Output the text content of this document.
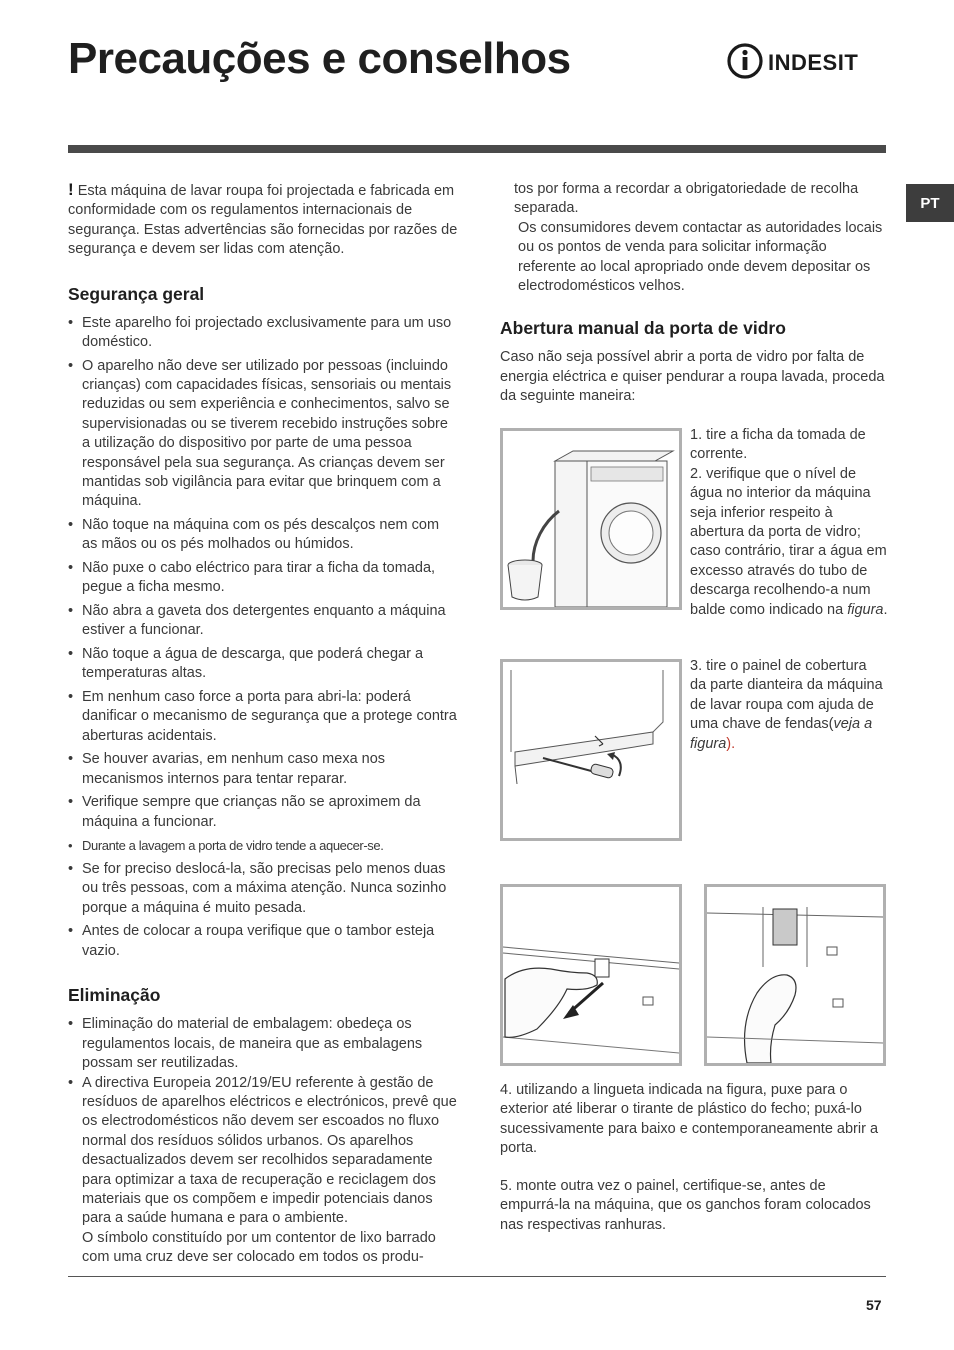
Precauções e conselhos	INDESIT
PT

! Esta máquina de lavar roupa foi projectada e fabricada em conformidade com os regulamentos internacionais de segurança. Estas advertências são fornecidas por razões de segurança e devem ser lidas com atenção.

Segurança geral
• Este aparelho foi projectado exclusivamente para um uso doméstico.
• O aparelho não deve ser utilizado por pessoas (incluindo crianças) com capacidades físicas, sensoriais ou mentais reduzidas ou sem experiência e conhecimentos, salvo se supervisionadas ou se tiverem recebido instruções sobre a utilização do dispositivo por parte de uma pessoa responsável pela sua segurança. As crianças devem ser mantidas sob vigilância para evitar que brinquem com a máquina.
• Não toque na máquina com os pés descalços nem com as mãos ou os pés molhados ou húmidos.
• Não puxe o cabo eléctrico para tirar a ficha da tomada, pegue a ficha mesmo.
• Não abra a gaveta dos detergentes enquanto a máquina estiver a funcionar.
• Não toque a água de descarga, que poderá chegar a temperaturas altas.
• Em nenhum caso force a porta para abri-la: poderá danificar o mecanismo de segurança que a protege contra aberturas acidentais.
• Se houver avarias, em nenhum caso mexa nos mecanismos internos para tentar reparar.
• Verifique sempre que crianças não se aproximem da máquina a funcionar.
• Durante a lavagem a porta de vidro tende a aquecer-se.
• Se for preciso deslocá-la, são precisas pelo menos duas ou três pessoas, com a máxima atenção. Nunca sozinho porque a máquina é muito pesada.
• Antes de colocar a roupa verifique que o tambor esteja vazio.
Eliminação
• Eliminação do material de embalagem: obedeça os regulamentos locais, de maneira que as embalagens possam ser reutilizadas.
• A directiva Europeia 2012/19/EU referente à gestão de resíduos de aparelhos eléctricos e electrónicos, prevê que os electrodomésticos não devem ser escoados no fluxo normal dos resíduos sólidos urbanos. Os aparelhos desactualizados devem ser recolhidos separadamente para optimizar a taxa de recuperação e reciclagem dos materiais que os compõem e impedir potenciais danos para a saúde humana e para o ambiente.
O símbolo constituído por um contentor de lixo barrado com uma cruz deve ser colocado em todos os produ-

tos por forma a recordar a obrigatoriedade de recolha separada.

Os consumidores devem contactar as autoridades locais ou os pontos de venda para solicitar informação referente ao local apropriado onde devem depositar os electrodomésticos velhos.

Abertura manual da porta de vidro

Caso não seja possível abrir a porta de vidro por falta de energia eléctrica e quiser pendurar a roupa lavada, proceda da seguinte maneira:

1. tire a ficha da tomada de corrente.
2. verifique que o nível de água no interior da máquina seja inferior respeito à abertura da porta de vidro; caso contrário, tirar a água em excesso através do tubo de descarga recolhendo-a num balde como indicado na figura.
3. tire o painel de cobertura da parte dianteira da máquina de lavar roupa com ajuda de uma chave de fendas(veja a figura).
4. utilizando a lingueta indicada na figura, puxe para o exterior até liberar o tirante de plástico do fecho; puxá-lo sucessivamente para baixo e contemporaneamente abrir a porta.
5. monte outra vez o painel, certifique-se, antes de empurrá-la na máquina, que os ganchos foram colocados nas respectivas ranhuras.
57
